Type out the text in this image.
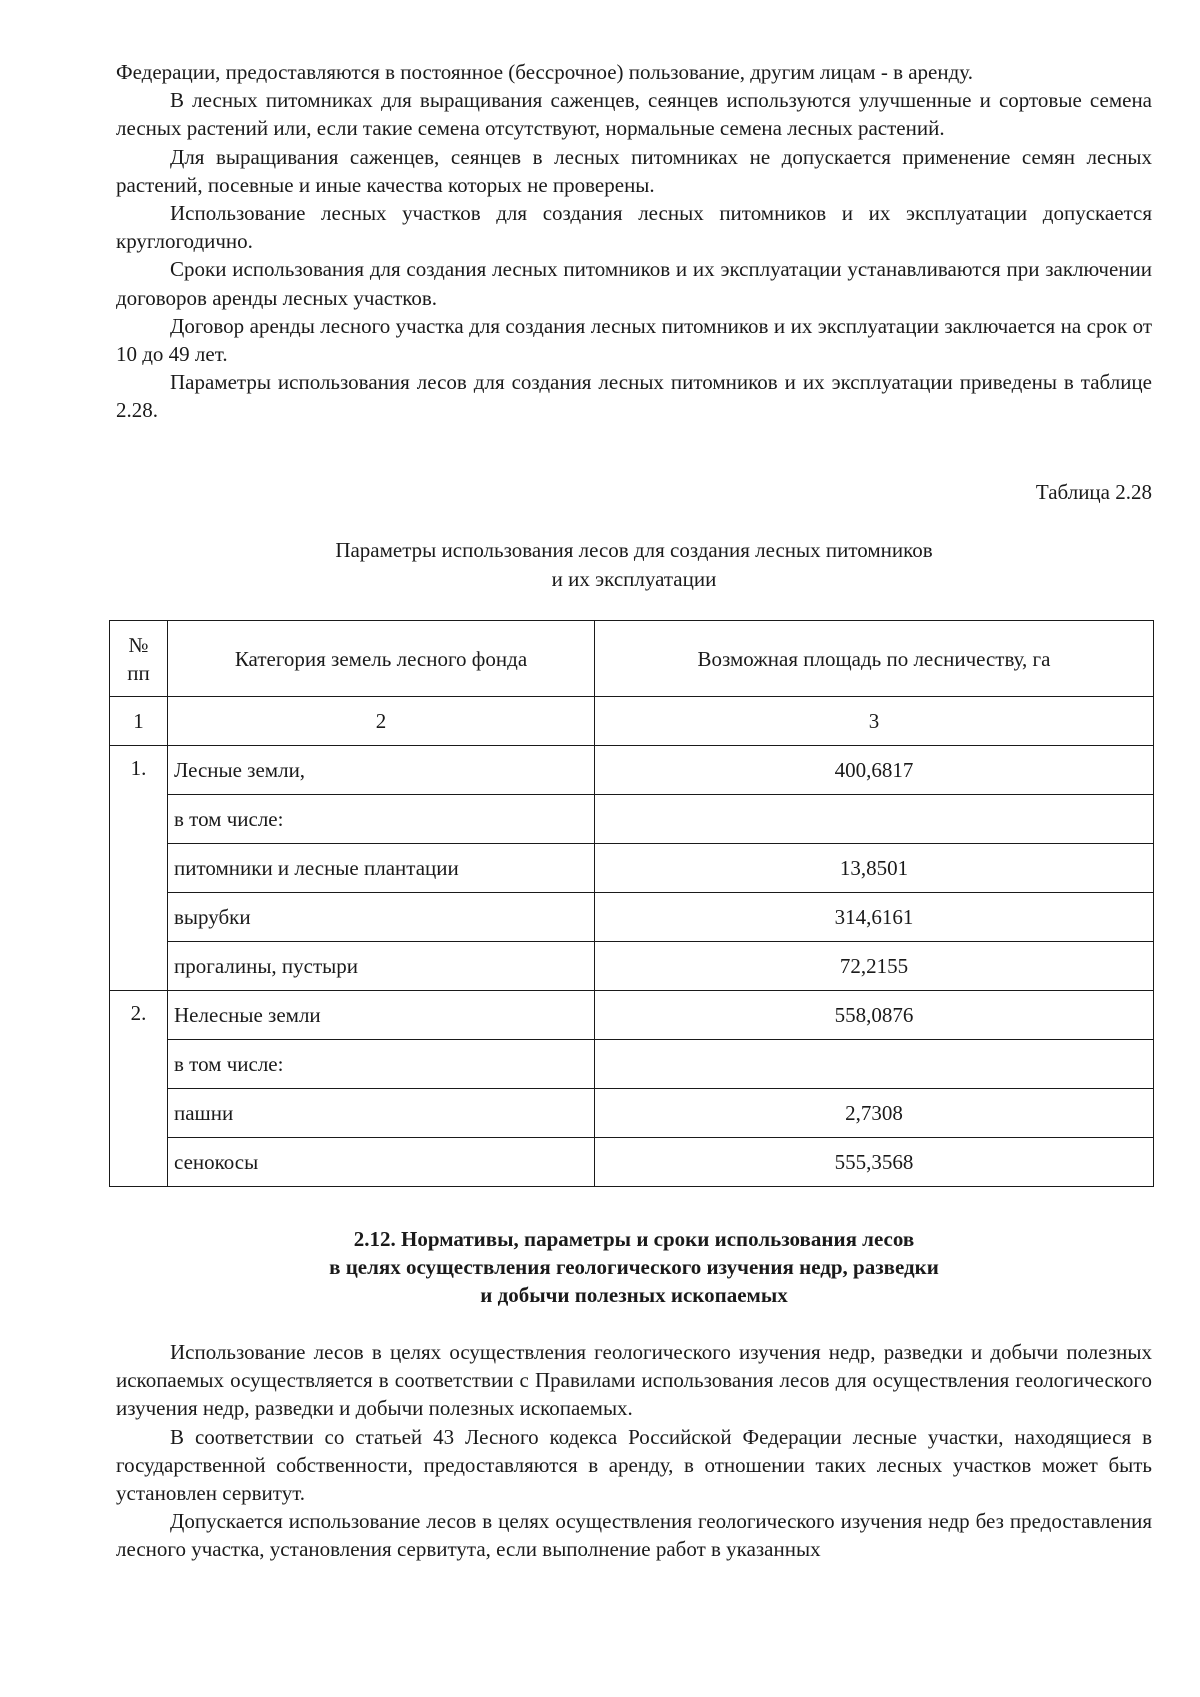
Федерации, предоставляются в постоянное (бессрочное) пользование, другим лицам - в аренду.

В лесных питомниках для выращивания саженцев, сеянцев используются улучшенные и сортовые семена лесных растений или, если такие семена отсутствуют, нормальные семена лесных растений.

Для выращивания саженцев, сеянцев в лесных питомниках не допускается применение семян лесных растений, посевные и иные качества которых не проверены.

Использование лесных участков для создания лесных питомников и их эксплуатации допускается круглогодично.

Сроки использования для создания лесных питомников и их эксплуатации устанавливаются при заключении договоров аренды лесных участков.

Договор аренды лесного участка для создания лесных питомников и их эксплуатации заключается на срок от 10 до 49 лет.

Параметры использования лесов для создания лесных питомников и их эксплуатации приведены в таблице 2.28.

Таблица 2.28
Параметры использования лесов для создания лесных питомников
и их эксплуатации
№
пп	Категория земель лесного фонда	Возможная площадь по лесничеству, га
1	2	3
1.	Лесные земли,	400,6817
	в том числе:	
	питомники и лесные плантации	13,8501
	вырубки	314,6161
	прогалины, пустыри	72,2155
2.	Нелесные земли	558,0876
	в том числе:	
	пашни	2,7308
	сенокосы	555,3568
2.12. Нормативы, параметры и сроки использования лесов
в целях осуществления геологического изучения недр, разведки
и добычи полезных ископаемых

Использование лесов в целях осуществления геологического изучения недр, разведки и добычи полезных ископаемых осуществляется в соответствии с Правилами использования лесов для осуществления геологического изучения недр, разведки и добычи полезных ископаемых.

В соответствии со статьей 43 Лесного кодекса Российской Федерации лесные участки, находящиеся в государственной собственности, предоставляются в аренду, в отношении таких лесных участков может быть установлен сервитут.

Допускается использование лесов в целях осуществления геологического изучения недр без предоставления лесного участка, установления сервитута, если выполнение работ в указанных
